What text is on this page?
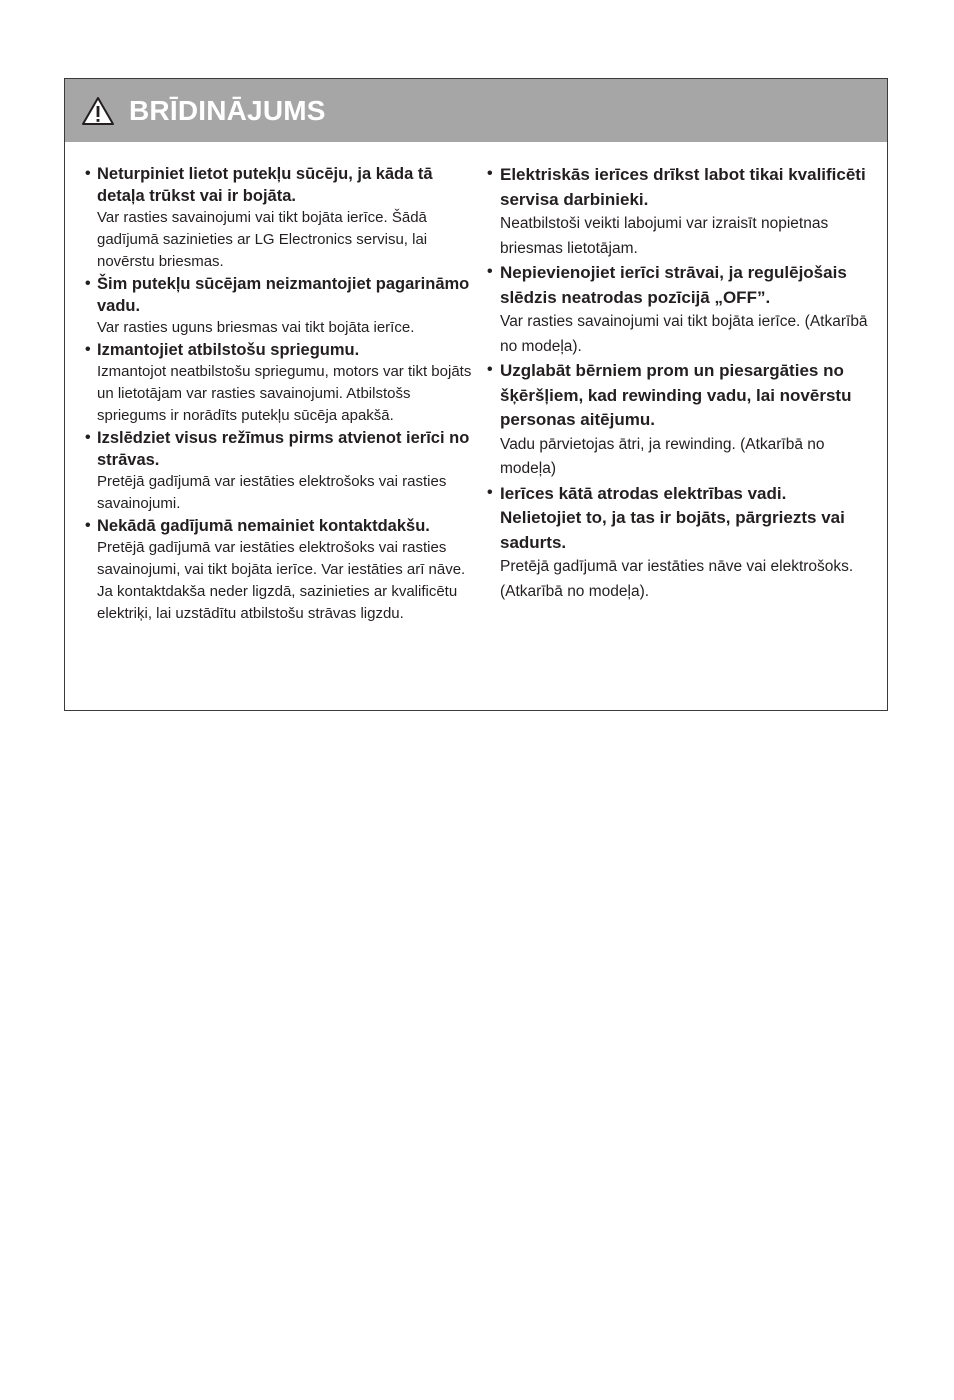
BRĪDINĀJUMS
• Neturpiniet lietot putekļu sūcēju, ja kāda tā detaļa trūkst vai ir bojāta.
Var rasties savainojumi vai tikt bojāta ierīce. Šādā gadījumā sazinieties ar LG Electronics servisu, lai novērstu briesmas.
• Šim putekļu sūcējam neizmantojiet pagarināmo vadu.
Var rasties uguns briesmas vai tikt bojāta ierīce.
• Izmantojiet atbilstošu spriegumu.
Izmantojot neatbilstošu spriegumu, motors var tikt bojāts un lietotājam var rasties savainojumi. Atbilstošs spriegums ir norādīts putekļu sūcēja apakšā.
• Izslēdziet visus režīmus pirms atvienot ierīci no strāvas.
Pretējā gadījumā var iestāties elektrošoks vai rasties savainojumi.
• Nekādā gadījumā nemainiet kontaktdakšu.
Pretējā gadījumā var iestāties elektrošoks vai rasties savainojumi, vai tikt bojāta ierīce. Var iestāties arī nāve. Ja kontaktdakša neder ligzdā, sazinieties ar kvalificētu elektriķi, lai uzstādītu atbilstošu strāvas ligzdu.
• Elektriskās ierīces drīkst labot tikai kvalificēti servisa darbinieki.
Neatbilstoši veikti labojumi var izraisīt nopietnas briesmas lietotājam.
• Nepievienojiet ierīci strāvai, ja regulējošais slēdzis neatrodas pozīcijā „OFF”.
Var rasties savainojumi vai tikt bojāta ierīce. (Atkarībā no modeļa).
• Uzglabāt bērniem prom un piesargāties no šķēršļiem, kad rewinding vadu, lai novērstu personas aitējumu.
Vadu pārvietojas ātri, ja rewinding. (Atkarībā no modeļa)
• Ierīces kātā atrodas elektrības vadi. Nelietojiet to, ja tas ir bojāts, pārgriezts vai sadurts.
Pretējā gadījumā var iestāties nāve vai elektrošoks. (Atkarībā no modeļa).
